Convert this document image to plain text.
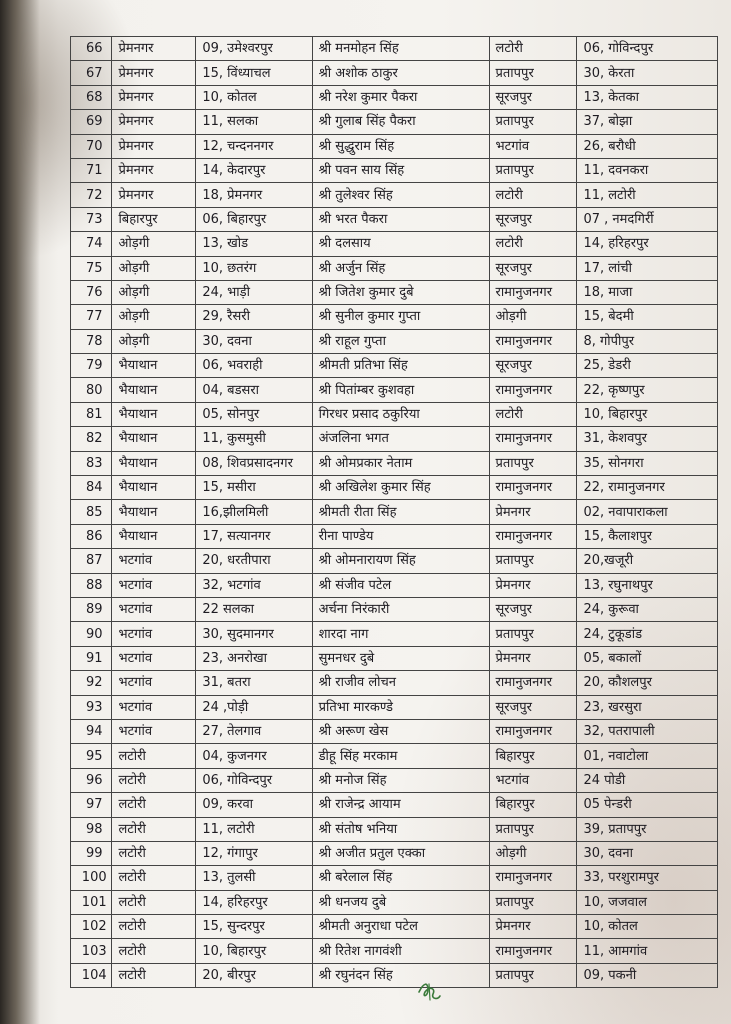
66	प्रेमनगर	09, उमेश्वरपुर	श्री मनमोहन सिंह	लटोरी	06, गोविन्दपुर
67	प्रेमनगर	15, विंध्याचल	श्री अशोक ठाकुर	प्रतापपुर	30, केरता
68	प्रेमनगर	10, कोतल	श्री नरेश कुमार पैकरा	सूरजपुर	13, केतका
69	प्रेमनगर	11, सलका	श्री गुलाब सिंह पैकरा	प्रतापपुर	37, बोझा
70	प्रेमनगर	12, चन्दननगर	श्री सुद्धुराम सिंह	भटगांव	26, बरौधी
71	प्रेमनगर	14, केदारपुर	श्री पवन साय सिंह	प्रतापपुर	11, दवनकरा
72	प्रेमनगर	18, प्रेमनगर	श्री तुलेश्वर सिंह	लटोरी	11, लटोरी
73	बिहारपुर	06, बिहारपुर	श्री भरत पैकरा	सूरजपुर	07 , नमदगिर्री
74	ओड़गी	13, खोड	श्री दलसाय	लटोरी	14, हरिहरपुर
75	ओड़गी	10, छतरंग	श्री अर्जुन सिंह	सूरजपुर	17, लांची
76	ओड़गी	24, भाड़ी	श्री जितेश कुमार दुबे	रामानुजनगर	18, माजा
77	ओड़गी	29, रैसरी	श्री सुनील कुमार गुप्ता	ओड़गी	15, बेदमी
78	ओड़गी	30, दवना	श्री राहूल गुप्ता	रामानुजनगर	8, गोपीपुर
79	भैयाथान	06, भवराही	श्रीमती प्रतिभा सिंह	सूरजपुर	25, डेडरी
80	भैयाथान	04, बडसरा	श्री पितांम्बर कुशवहा	रामानुजनगर	22, कृष्णपुर
81	भैयाथान	05, सोनपुर	गिरधर प्रसाद ठकुरिया	लटोरी	10, बिहारपुर
82	भैयाथान	11, कुसमुसी	अंजलिना भगत	रामानुजनगर	31, केशवपुर
83	भैयाथान	08, शिवप्रसादनगर	श्री ओमप्रकार नेताम	प्रतापपुर	35, सोनगरा
84	भैयाथान	15, मसीरा	श्री अखिलेश कुमार सिंह	रामानुजनगर	22, रामानुजनगर
85	भैयाथान	16,झीलमिली	श्रीमती रीता सिंह	प्रेमनगर	02, नवापाराकला
86	भैयाथान	17, सत्यानगर	रीना पाण्डेय	रामानुजनगर	15, कैलाशपुर
87	भटगांव	20, धरतीपारा	श्री ओमनारायण सिंह	प्रतापपुर	20,खजूरी
88	भटगांव	32, भटगांव	श्री संजीव पटेल	प्रेमनगर	13, रघुनाथपुर
89	भटगांव	22 सलका	अर्चना निरंकारी	सूरजपुर	24, कुरूवा
90	भटगांव	30, सुदमानगर	शारदा नाग	प्रतापपुर	24, टुकूडांड
91	भटगांव	23, अनरोखा	सुमनधर दुबे	प्रेमनगर	05, बकालों
92	भटगांव	31, बतरा	श्री राजीव लोचन	रामानुजनगर	20, कौशलपुर
93	भटगांव	24 ,पोड़ी	प्रतिभा मारकण्डे	सूरजपुर	23, खरसुरा
94	भटगांव	27, तेलगाव	श्री अरूण खेस	रामानुजनगर	32, पतरापाली
95	लटोरी	04, कुजनगर	डीहू सिंह मरकाम	बिहारपुर	01, नवाटोला
96	लटोरी	06, गोविन्दपुर	श्री मनोज सिंह	भटगांव	24 पोडी
97	लटोरी	09, करवा	श्री राजेन्द्र आयाम	बिहारपुर	05 पेन्डरी
98	लटोरी	11, लटोरी	श्री संतोष भनिया	प्रतापपुर	39, प्रतापपुर
99	लटोरी	12, गंगापुर	श्री अजीत प्रतुल एक्का	ओड़गी	30, दवना
100	लटोरी	13, तुलसी	श्री बरेलाल सिंह	रामानुजनगर	33, परशुरामपुर
101	लटोरी	14, हरिहरपुर	श्री धनजय दुबे	प्रतापपुर	10, जजवाल
102	लटोरी	15, सुन्दरपुर	श्रीमती अनुराधा पटेल	प्रेमनगर	10, कोतल
103	लटोरी	10, बिहारपुर	श्री रितेश नागवंशी	रामानुजनगर	11, आमगांव
104	लटोरी	20, बीरपुर	श्री रघुनंदन सिंह	प्रतापपुर	09, पकनी
